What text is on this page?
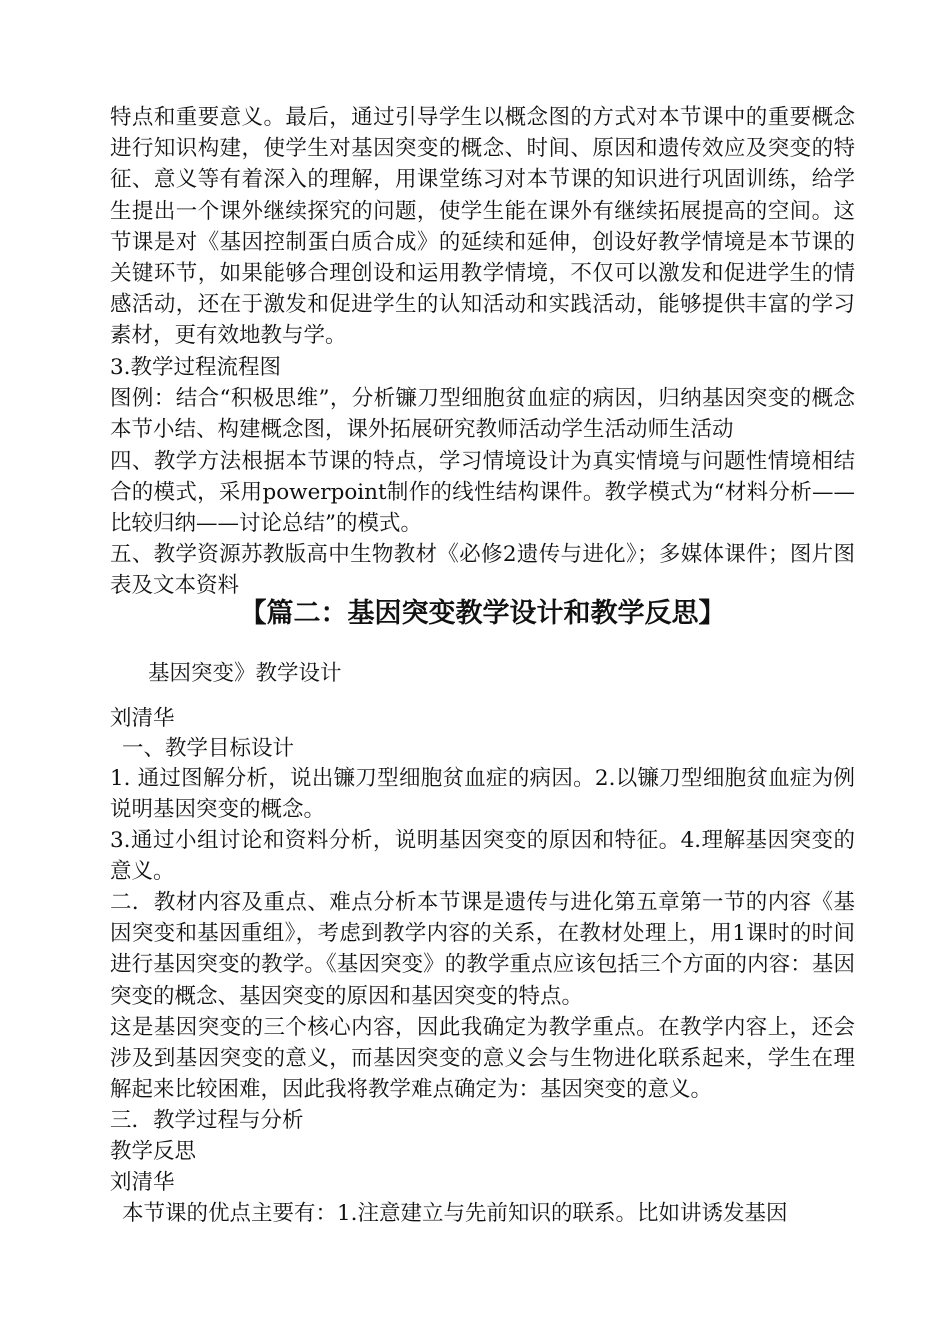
特点和重要意义。最后，通过引导学生以概念图的方式对本节课中的重要概念进行知识构建，使学生对基因突变的概念、时间、原因和遗传效应及突变的特征、意义等有着深入的理解，用课堂练习对本节课的知识进行巩固训练，给学生提出一个课外继续探究的问题，使学生能在课外有继续拓展提高的空间。这节课是对《基因控制蛋白质合成》的延续和延伸，创设好教学情境是本节课的关键环节，如果能够合理创设和运用教学情境，不仅可以激发和促进学生的情感活动，还在于激发和促进学生的认知活动和实践活动，能够提供丰富的学习素材，更有效地教与学。

3.教学过程流程图

图例：结合“积极思维”，分析镰刀型细胞贫血症的病因，归纳基因突变的概念本节小结、构建概念图，课外拓展研究教师活动学生活动师生活动

四、教学方法根据本节课的特点，学习情境设计为真实情境与问题性情境相结合的模式，采用powerpoint制作的线性结构课件。教学模式为“材料分析——比较归纳——讨论总结”的模式。

五、教学资源苏教版高中生物教材《必修2遗传与进化》；多媒体课件；图片图表及文本资料

【篇二：基因突变教学设计和教学反思】

基因突变》教学设计

刘清华

一、教学目标设计

1. 通过图解分析，说出镰刀型细胞贫血症的病因。2.以镰刀型细胞贫血症为例说明基因突变的概念。

3.通过小组讨论和资料分析，说明基因突变的原因和特征。4.理解基因突变的意义。

二．教材内容及重点、难点分析本节课是遗传与进化第五章第一节的内容《基因突变和基因重组》，考虑到教学内容的关系，在教材处理上，用1课时的时间进行基因突变的教学。《基因突变》的教学重点应该包括三个方面的内容：基因突变的概念、基因突变的原因和基因突变的特点。

这是基因突变的三个核心内容，因此我确定为教学重点。在教学内容上，还会涉及到基因突变的意义，而基因突变的意义会与生物进化联系起来，学生在理解起来比较困难，因此我将教学难点确定为：基因突变的意义。

三．教学过程与分析

教学反思

刘清华

本节课的优点主要有：1.注意建立与先前知识的联系。比如讲诱发基因
